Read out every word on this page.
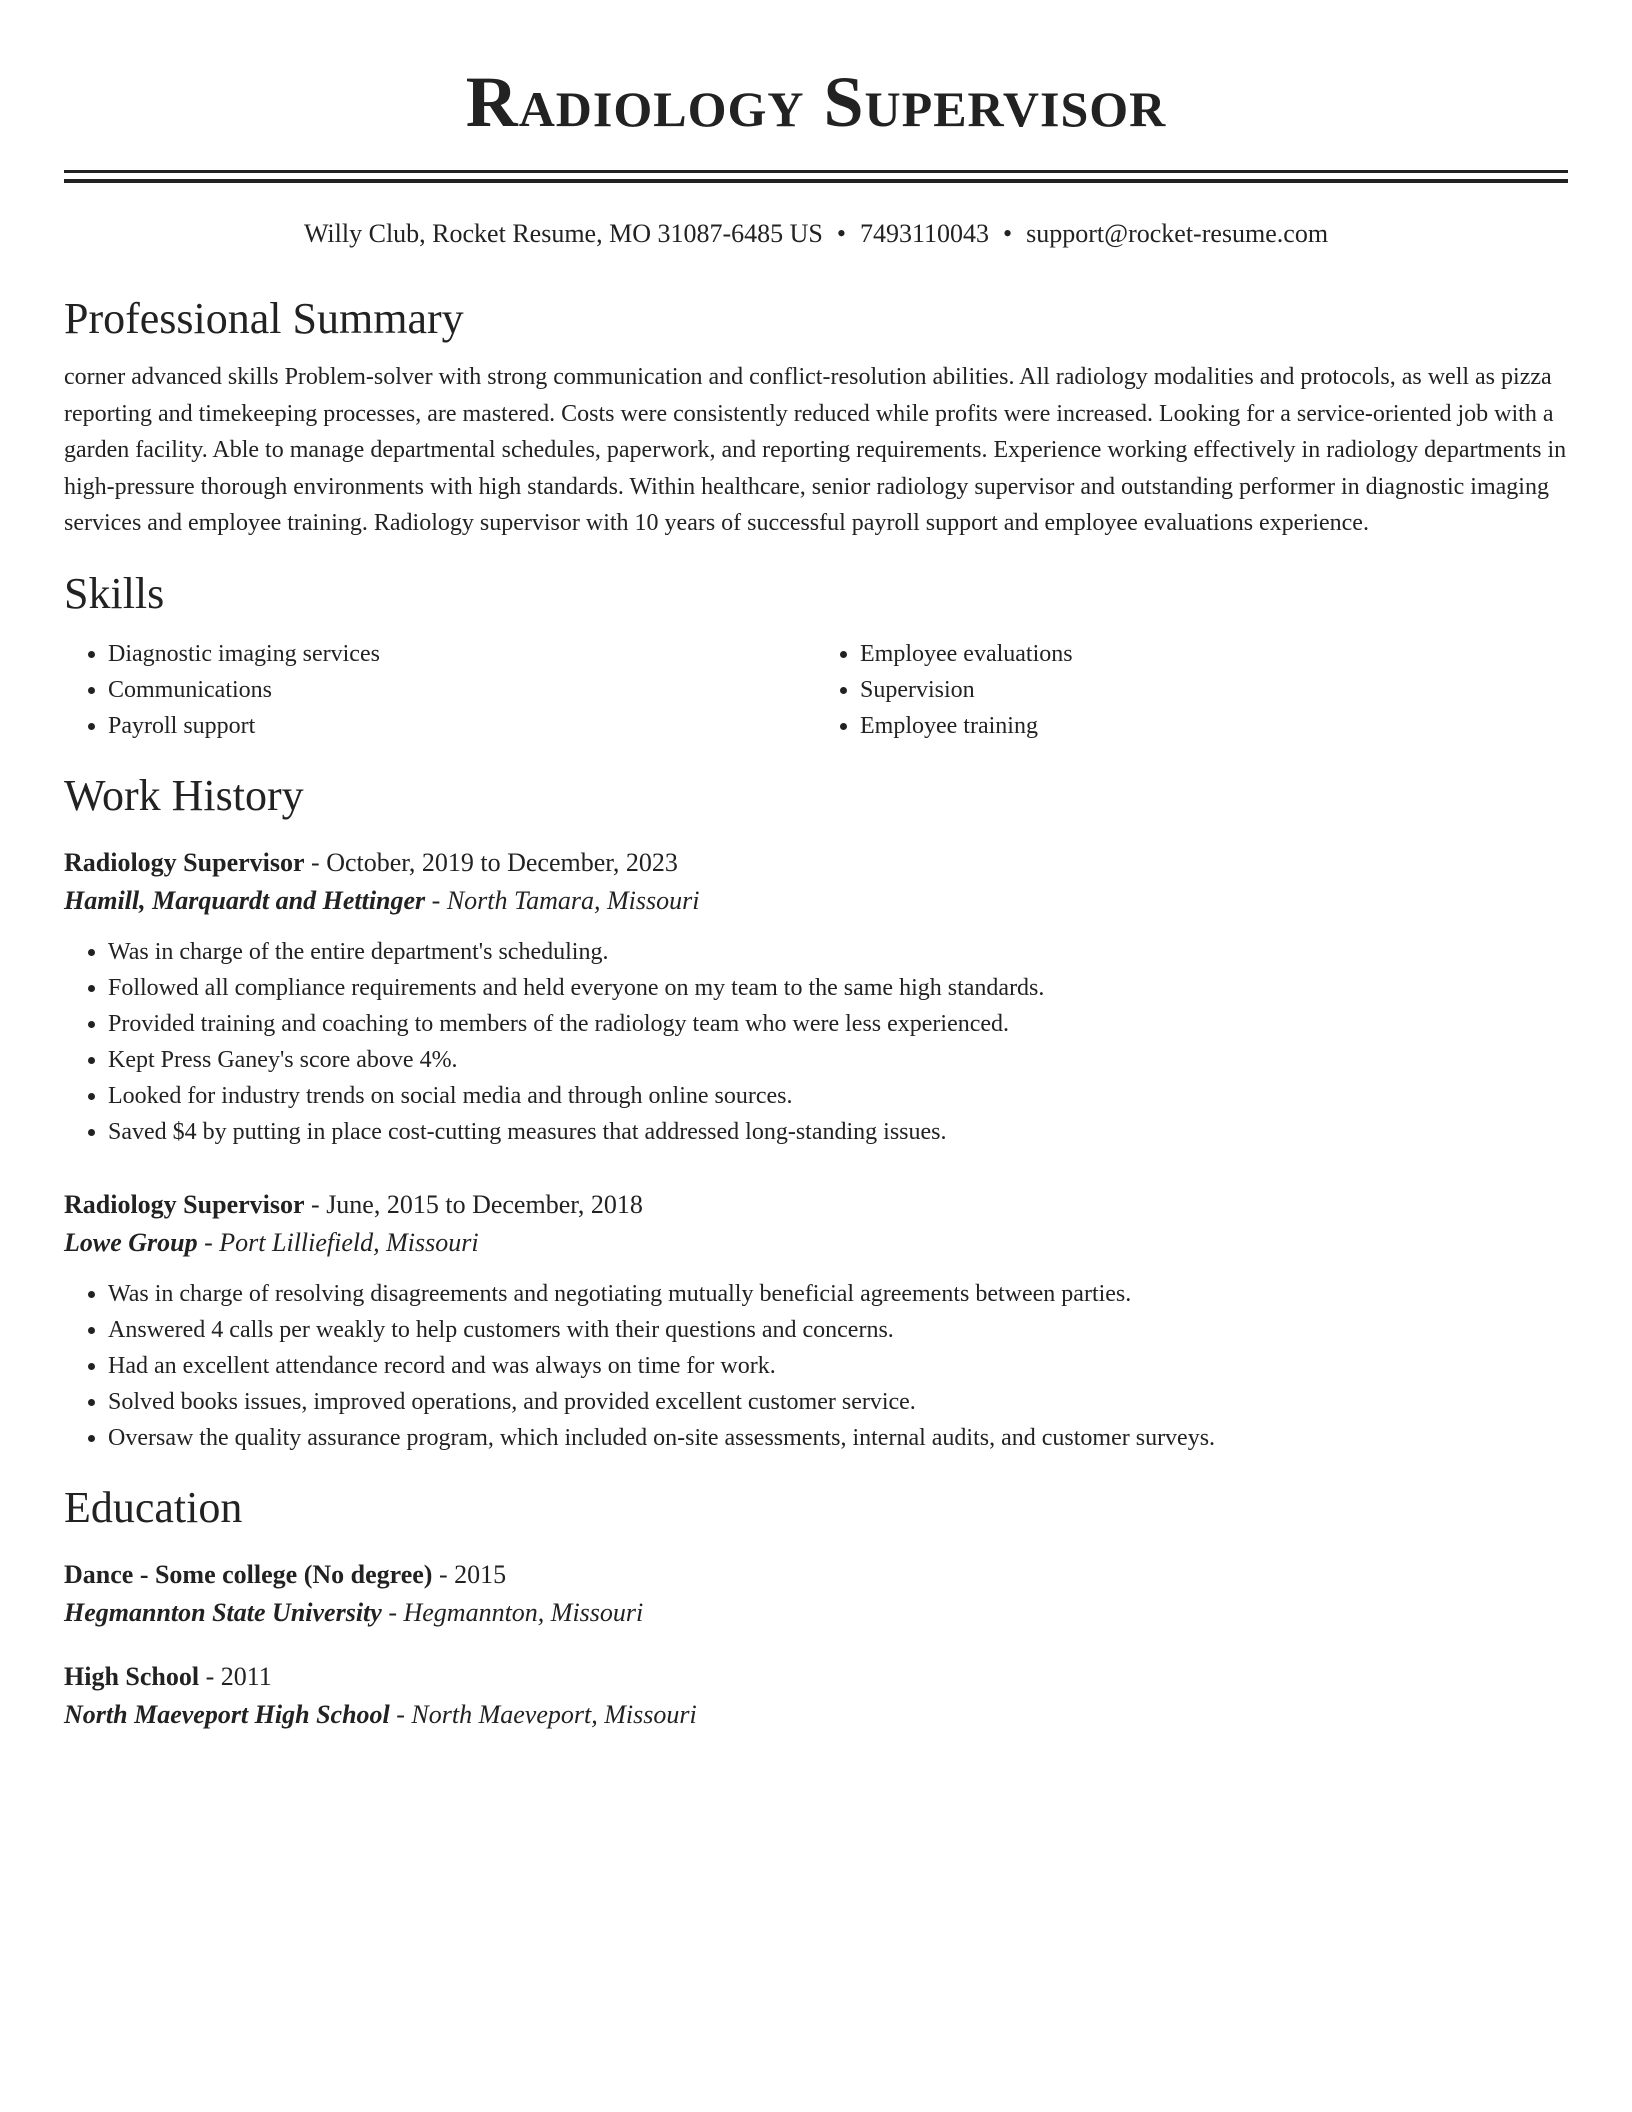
Radiology Supervisor
Willy Club, Rocket Resume, MO 31087-6485 US • 7493110043 • support@rocket-resume.com
Professional Summary

corner advanced skills Problem-solver with strong communication and conflict-resolution abilities. All radiology modalities and protocols, as well as pizza reporting and timekeeping processes, are mastered. Costs were consistently reduced while profits were increased. Looking for a service-oriented job with a garden facility. Able to manage departmental schedules, paperwork, and reporting requirements. Experience working effectively in radiology departments in high-pressure thorough environments with high standards. Within healthcare, senior radiology supervisor and outstanding performer in diagnostic imaging services and employee training. Radiology supervisor with 10 years of successful payroll support and employee evaluations experience.

Skills
• Diagnostic imaging services
• Communications
• Payroll support
• Employee evaluations
• Supervision
• Employee training
Work History
Radiology Supervisor - October, 2019 to December, 2023
Hamill, Marquardt and Hettinger - North Tamara, Missouri
• Was in charge of the entire department's scheduling.
• Followed all compliance requirements and held everyone on my team to the same high standards.
• Provided training and coaching to members of the radiology team who were less experienced.
• Kept Press Ganey's score above 4%.
• Looked for industry trends on social media and through online sources.
• Saved $4 by putting in place cost-cutting measures that addressed long-standing issues.
Radiology Supervisor - June, 2015 to December, 2018
Lowe Group - Port Lilliefield, Missouri
• Was in charge of resolving disagreements and negotiating mutually beneficial agreements between parties.
• Answered 4 calls per weakly to help customers with their questions and concerns.
• Had an excellent attendance record and was always on time for work.
• Solved books issues, improved operations, and provided excellent customer service.
• Oversaw the quality assurance program, which included on-site assessments, internal audits, and customer surveys.
Education
Dance - Some college (No degree) - 2015
Hegmannton State University - Hegmannton, Missouri
High School - 2011
North Maeveport High School - North Maeveport, Missouri
